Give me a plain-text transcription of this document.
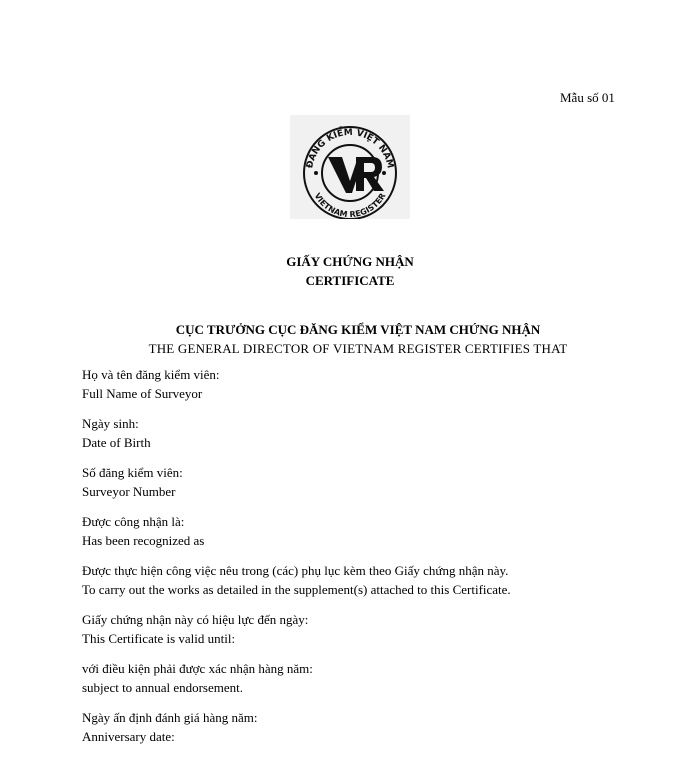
Mẫu số 01
ĐĂNG KIỂM VIỆT NAM
VIETNAM REGISTER
GIẤY CHỨNG NHẬN
CERTIFICATE
CỤC TRƯỞNG CỤC ĐĂNG KIỂM VIỆT NAM CHỨNG NHẬN
THE GENERAL DIRECTOR OF VIETNAM REGISTER CERTIFIES THAT
Họ và tên đăng kiểm viên:
Full Name of Surveyor
Ngày sinh:
Date of Birth
Số đăng kiểm viên:
Surveyor Number
Được công nhận là:
Has been recognized as
Được thực hiện công việc nêu trong (các) phụ lục kèm theo Giấy chứng nhận này.
To carry out the works as detailed in the supplement(s) attached to this Certificate.
Giấy chứng nhận này có hiệu lực đến ngày:
This Certificate is valid until:
với điều kiện phải được xác nhận hàng năm:
subject to annual endorsement.
Ngày ấn định đánh giá hàng năm:
Anniversary date:
